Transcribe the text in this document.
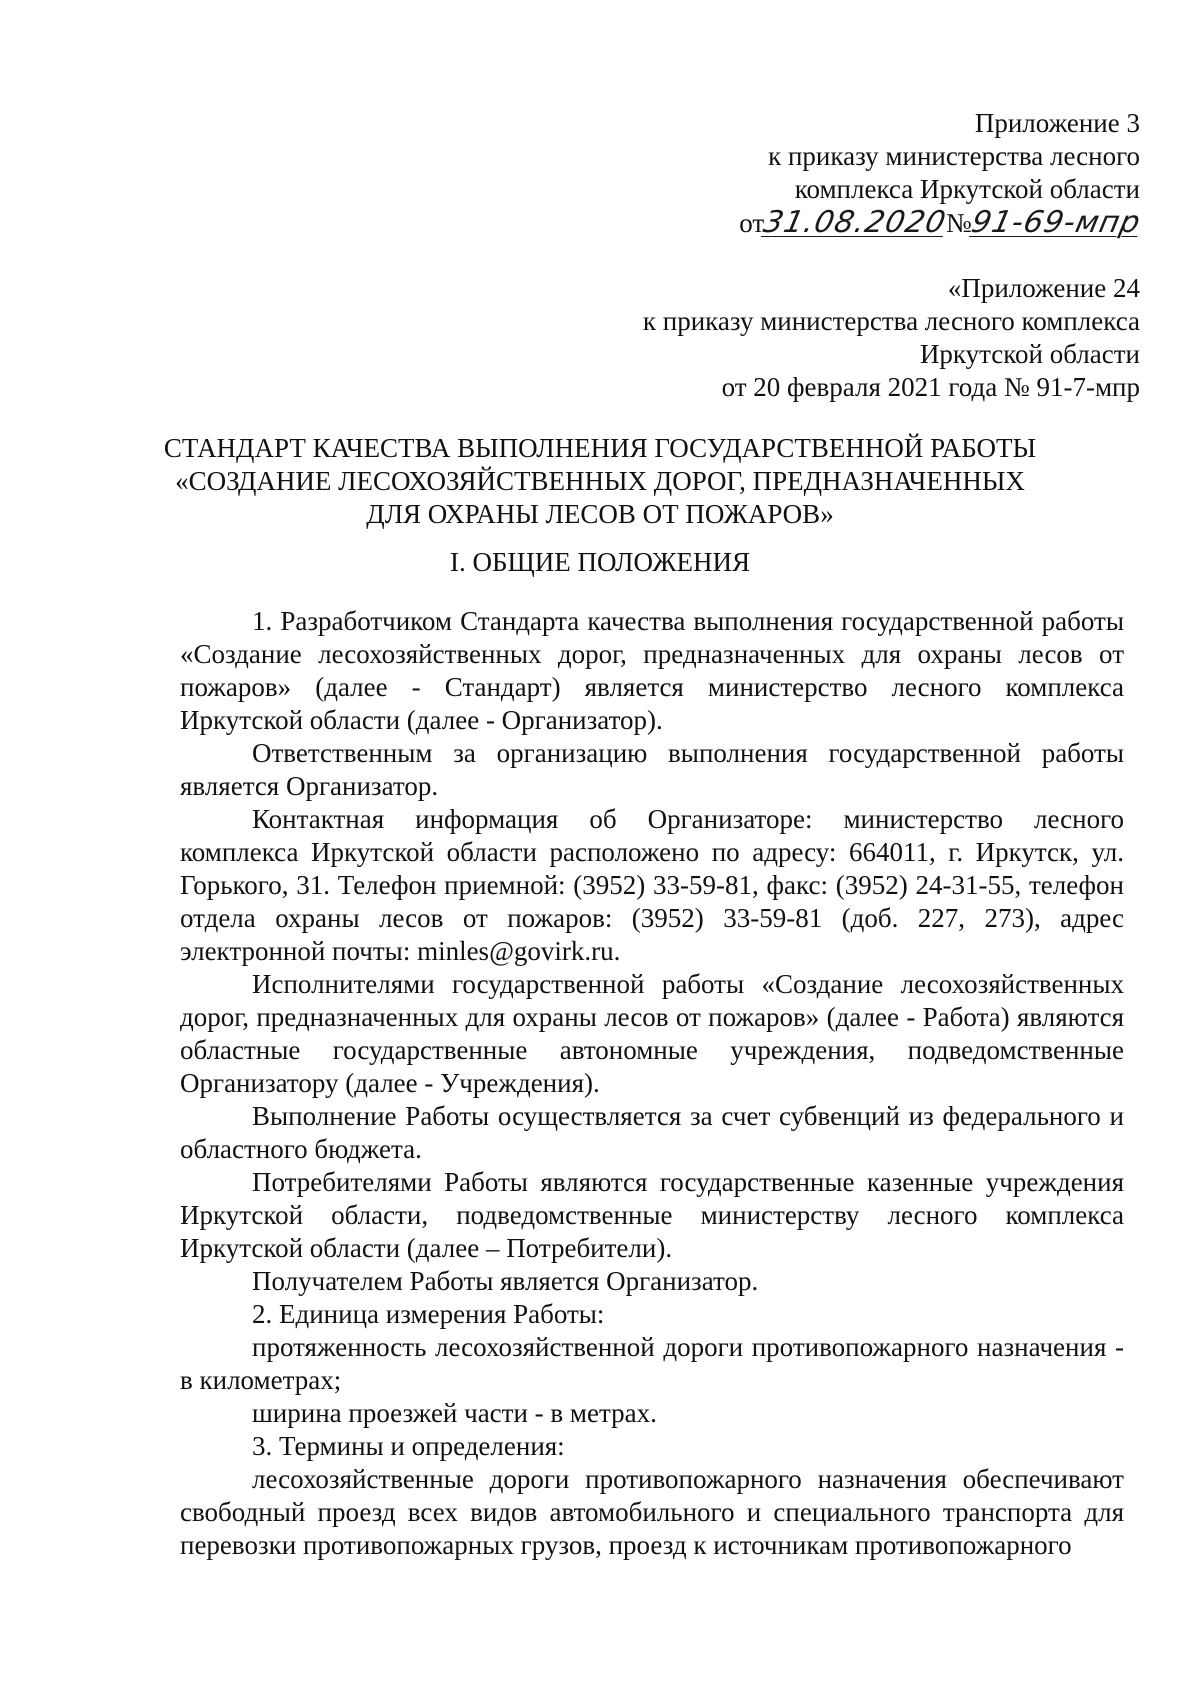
Приложение 3
к приказу министерства лесного
комплекса Иркутской области
от31.08.2020№91-69-мпр
«Приложение 24
к приказу министерства лесного комплекса
Иркутской области
от 20 февраля 2021 года № 91-7-мпр
СТАНДАРТ КАЧЕСТВА ВЫПОЛНЕНИЯ ГОСУДАРСТВЕННОЙ РАБОТЫ
«СОЗДАНИЕ ЛЕСОХОЗЯЙСТВЕННЫХ ДОРОГ, ПРЕДНАЗНАЧЕННЫХ
ДЛЯ ОХРАНЫ ЛЕСОВ ОТ ПОЖАРОВ»
I. ОБЩИЕ ПОЛОЖЕНИЯ

1. Разработчиком Стандарта качества выполнения государственной работы «Создание лесохозяйственных дорог, предназначенных для охраны лесов от пожаров» (далее - Стандарт) является министерство лесного комплекса Иркутской области (далее - Организатор).

Ответственным за организацию выполнения государственной работы является Организатор.

Контактная информация об Организаторе: министерство лесного комплекса Иркутской области расположено по адресу: 664011, г. Иркутск, ул. Горького, 31. Телефон приемной: (3952) 33-59-81, факс: (3952) 24-31-55, телефон отдела охраны лесов от пожаров: (3952) 33-59-81 (доб. 227, 273), адрес электронной почты: minles@govirk.ru.

Исполнителями государственной работы «Создание лесохозяйственных дорог, предназначенных для охраны лесов от пожаров» (далее - Работа) являются областные государственные автономные учреждения, подведомственные Организатору (далее - Учреждения).

Выполнение Работы осуществляется за счет субвенций из федерального и областного бюджета.

Потребителями Работы являются государственные казенные учреждения Иркутской области, подведомственные министерству лесного комплекса Иркутской области (далее – Потребители).

Получателем Работы является Организатор.

2. Единица измерения Работы:

протяженность лесохозяйственной дороги противопожарного назначения - в километрах;

ширина проезжей части - в метрах.

3. Термины и определения:

лесохозяйственные дороги противопожарного назначения обеспечивают свободный проезд всех видов автомобильного и специального транспорта для перевозки противопожарных грузов, проезд к источникам противопожарного
